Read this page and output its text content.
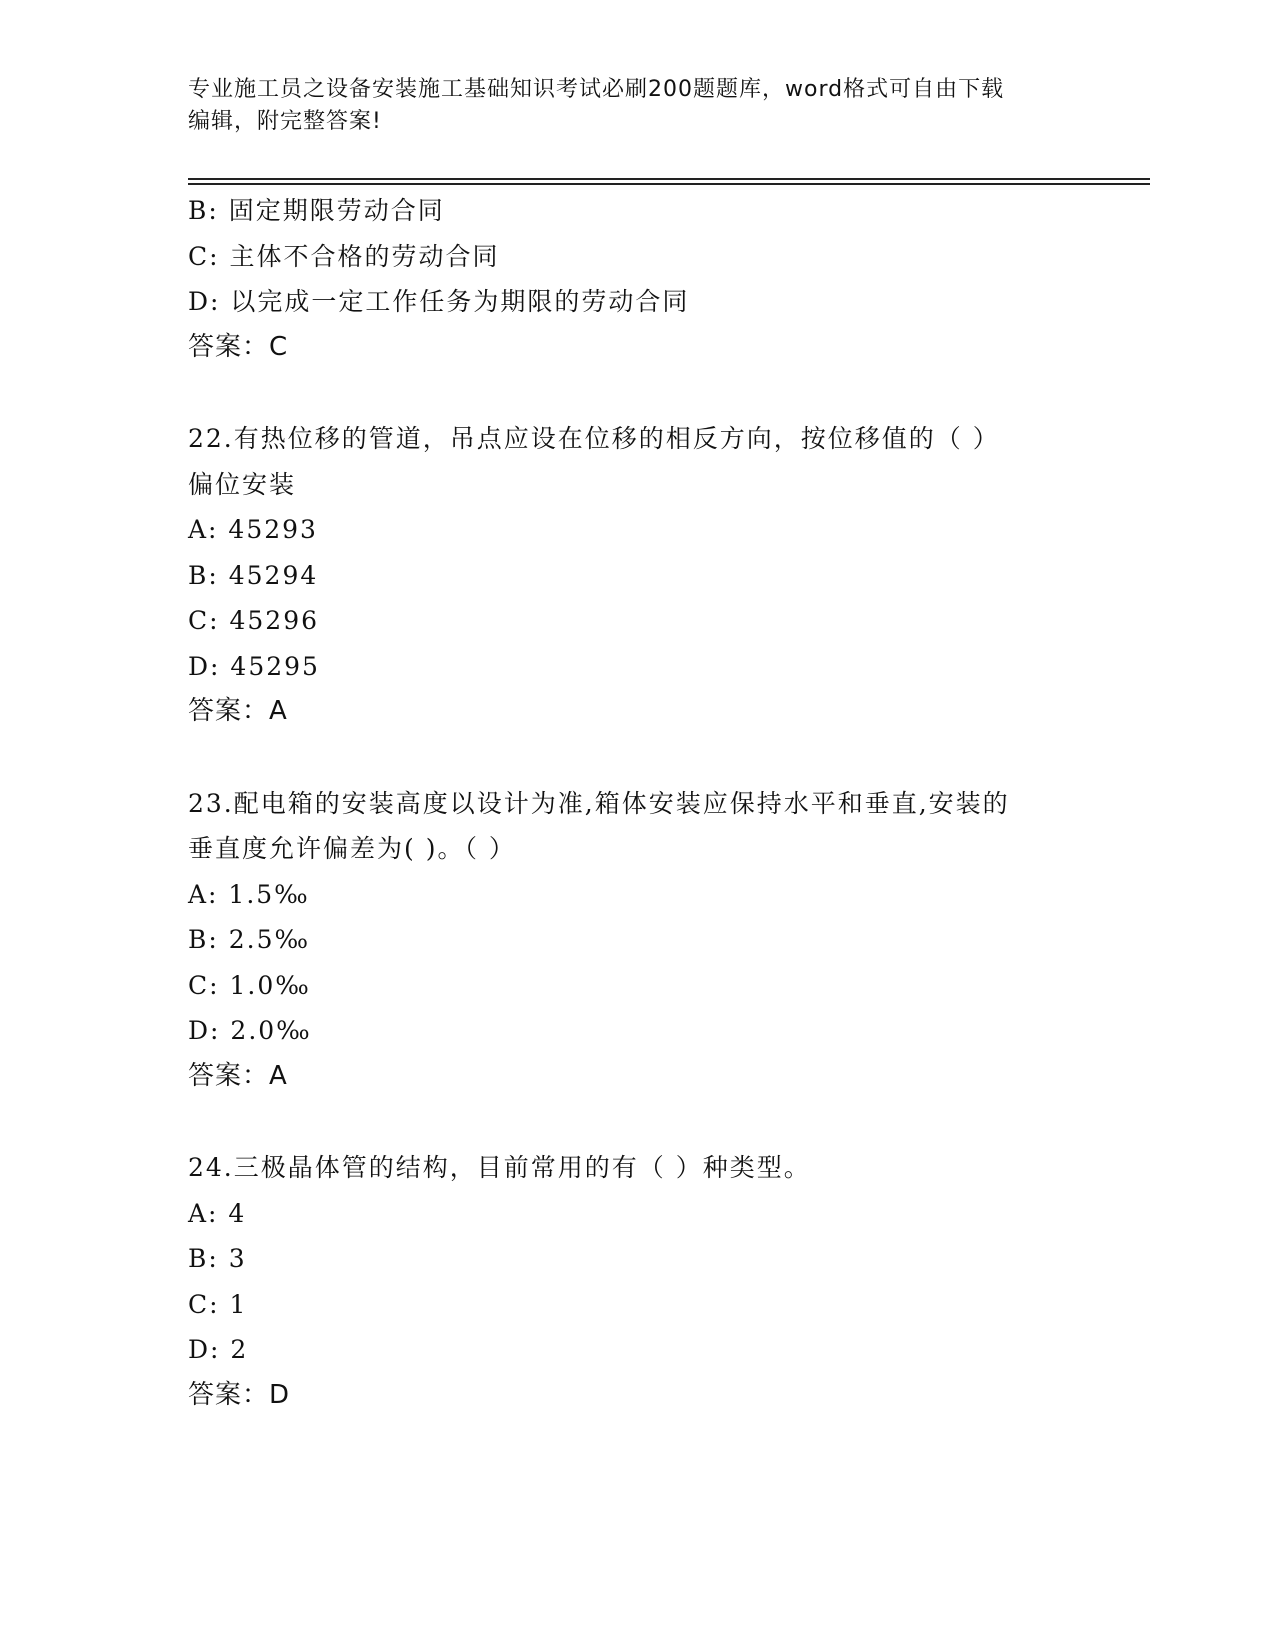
专业施工员之设备安装施工基础知识考试必刷200题题库，word格式可自由下载
编辑，附完整答案!
B: 固定期限劳动合同
C: 主体不合格的劳动合同
D: 以完成一定工作任务为期限的劳动合同
答案：C
22.有热位移的管道，吊点应设在位移的相反方向，按位移值的（ ）
偏位安装
A: 45293
B: 45294
C: 45296
D: 45295
答案：A
23.配电箱的安装高度以设计为准,箱体安装应保持水平和垂直,安装的
垂直度允许偏差为( )。（ ）
A: 1.5‰
B: 2.5‰
C: 1.0‰
D: 2.0‰
答案：A
24.三极晶体管的结构，目前常用的有（ ）种类型。
A: 4
B: 3
C: 1
D: 2
答案：D
